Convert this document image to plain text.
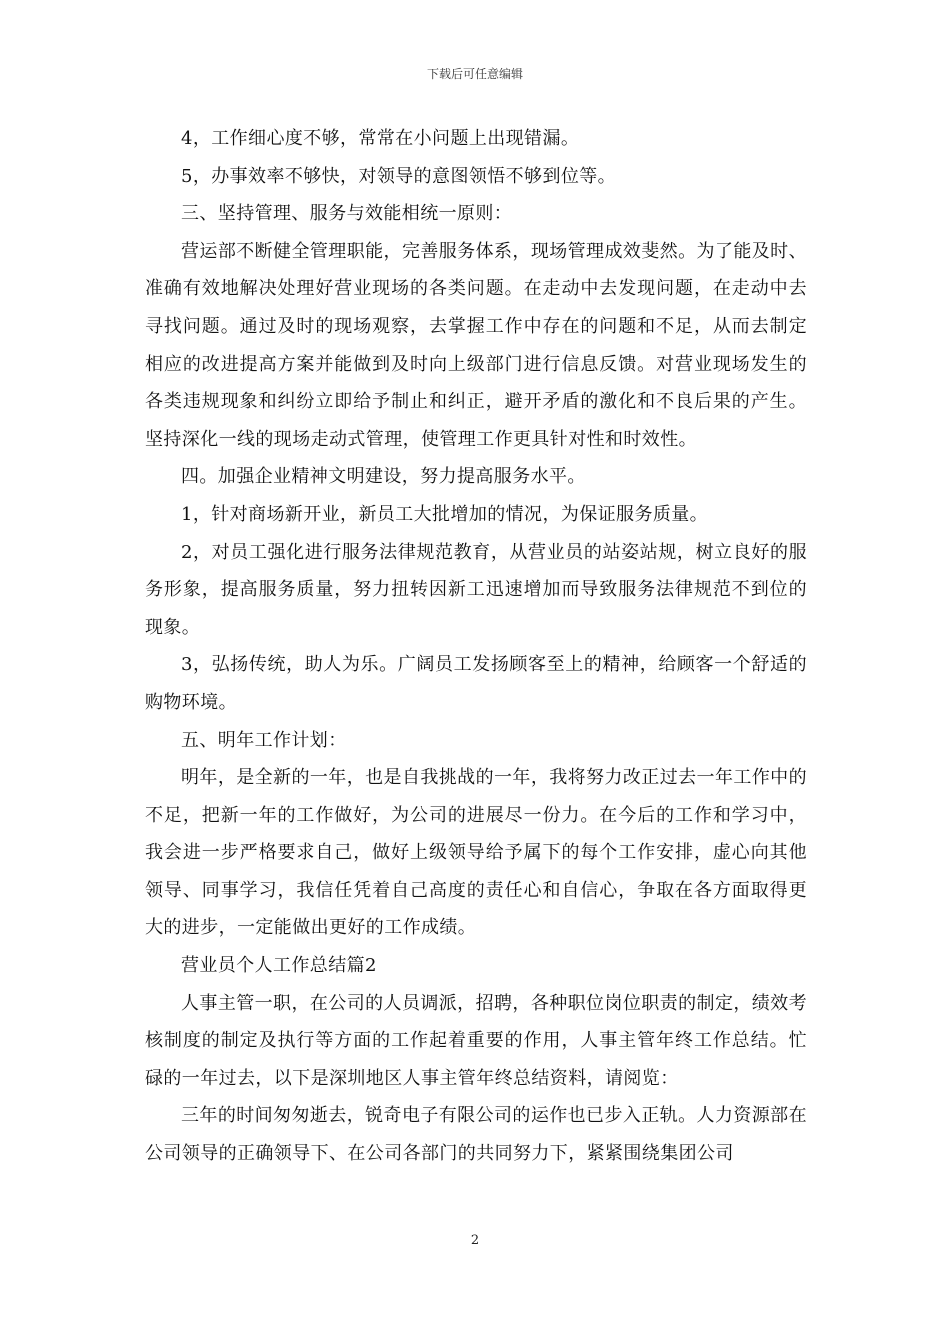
下载后可任意编辑

4，工作细心度不够，常常在小问题上出现错漏。

5，办事效率不够快，对领导的意图领悟不够到位等。

三、坚持管理、服务与效能相统一原则：

营运部不断健全管理职能，完善服务体系，现场管理成效斐然。为了能及时、准确有效地解决处理好营业现场的各类问题。在走动中去发现问题，在走动中去寻找问题。通过及时的现场观察，去掌握工作中存在的问题和不足，从而去制定相应的改进提高方案并能做到及时向上级部门进行信息反馈。对营业现场发生的各类违规现象和纠纷立即给予制止和纠正，避开矛盾的激化和不良后果的产生。坚持深化一线的现场走动式管理，使管理工作更具针对性和时效性。

四。加强企业精神文明建设，努力提高服务水平。

1，针对商场新开业，新员工大批增加的情况，为保证服务质量。

2，对员工强化进行服务法律规范教育，从营业员的站姿站规，树立良好的服务形象，提高服务质量，努力扭转因新工迅速增加而导致服务法律规范不到位的现象。

3，弘扬传统，助人为乐。广阔员工发扬顾客至上的精神，给顾客一个舒适的购物环境。

五、明年工作计划：

明年，是全新的一年，也是自我挑战的一年，我将努力改正过去一年工作中的不足，把新一年的工作做好，为公司的进展尽一份力。在今后的工作和学习中，我会进一步严格要求自己，做好上级领导给予属下的每个工作安排，虚心向其他领导、同事学习，我信任凭着自己高度的责任心和自信心，争取在各方面取得更大的进步，一定能做出更好的工作成绩。

营业员个人工作总结篇2

人事主管一职，在公司的人员调派，招聘，各种职位岗位职责的制定，绩效考核制度的制定及执行等方面的工作起着重要的作用，人事主管年终工作总结。忙碌的一年过去，以下是深圳地区人事主管年终总结资料，请阅览：

三年的时间匆匆逝去，锐奇电子有限公司的运作也已步入正轨。人力资源部在公司领导的正确领导下、在公司各部门的共同努力下，紧紧围绕集团公司

2
